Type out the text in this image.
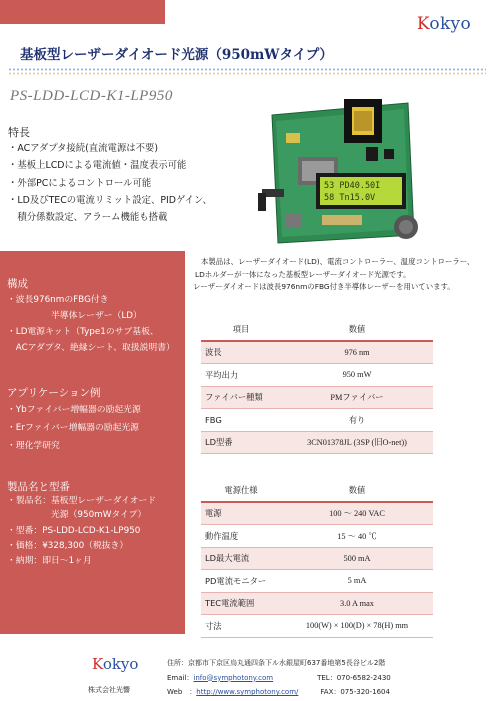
Kokyo
基板型レーザーダイオード光源（950mWタイプ）
PS-LDD-LCD-K1-LP950
特長
・ACアダプタ接続(直流電源は不要)
・基板上LCDによる電流値・温度表示可能
・外部PCによるコントロール可能
・LD及びTECの電流リミット設定、PIDゲイン、
　積分係数設定、アラーム機能も搭載
53 PD40.50I
58 Tn15.0V
本製品は、レーザーダイオード(LD)、電流コントローラー、温度コントローラー、
LDホルダーが一体になった基板型レーザーダイオード光源です。
レーザーダイオードは波長976nmのFBG付き半導体レーザーを用いています。
構成
・波長976nmのFBG付き
　　　　　半導体レーザー（LD）
・LD電源キット（Type1のサブ基板、
　ACアダプタ、絶縁シート、取扱説明書）
アプリケーション例
・Ybファイバー増幅器の励起光源
・Erファイバー増幅器の励起光源
・理化学研究
製品名と型番
・製品名：基板型レーザーダイオード
　　　　　光源（950mWタイプ）
・型番：PS-LDD-LCD-K1-LP950
・価格：¥328,300（税抜き）
・納期：即日～1ヶ月
項目	数値
波長	976 nm
平均出力	950 mW
ファイバー種類	PMファイバー
FBG	有り
LD型番	3CN01378JL (3SP (旧O-net))
電源仕様	数値
電源	100 〜 240 VAC
動作温度	15 〜 40 ℃
LD最大電流	500 mA
PD電流モニター	5 mA
TEC電流範囲	3.0 A max
寸法	100(W) × 100(D) × 78(H) mm
Kokyo
株式会社光響
住所：京都市下京区烏丸通四条下ル水銀屋町637番地第5長谷ビル2階
Email：info@symphotony.com	TEL：070-6582-2430
Web　：http://www.symphotony.com/	FAX：075-320-1604
